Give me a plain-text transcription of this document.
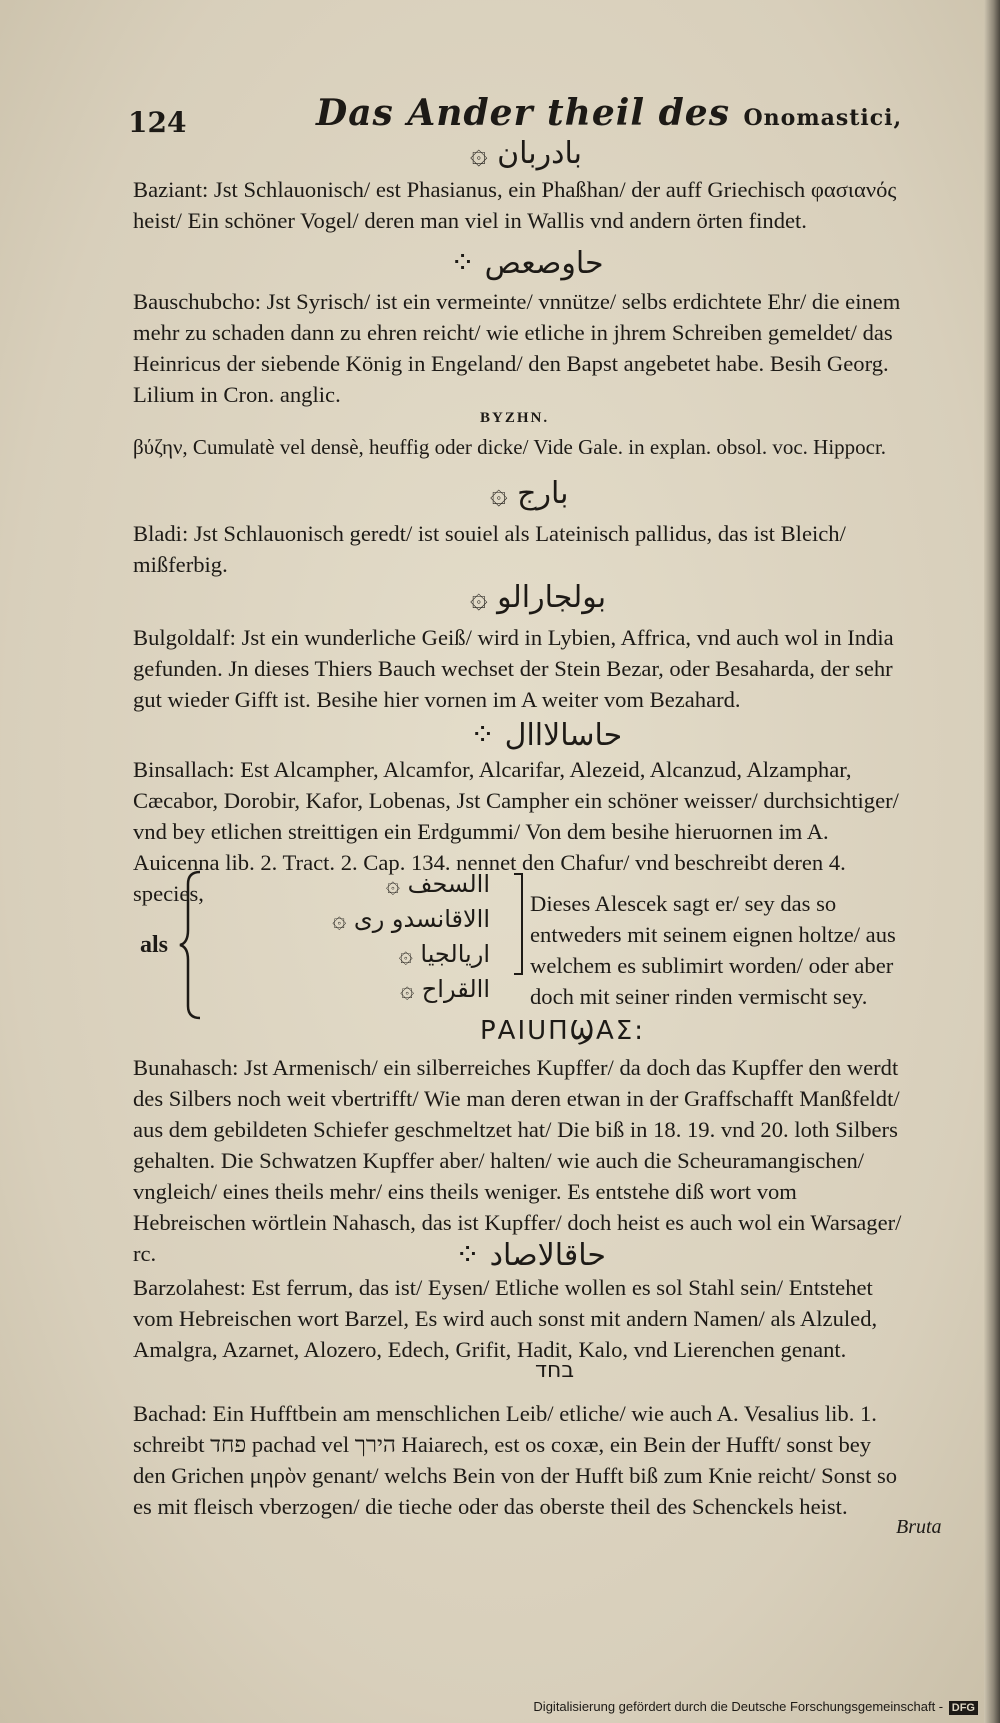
124	Das Ander theil des Onomastici,
بادربان ۞
Baziant: Jst Schlauonisch/ est Phasianus, ein Phaßhan/ der auff Griechisch φασιανός heist/ Ein schöner Vogel/ deren man viel in Wallis vnd andern örten findet.
حاوصعص ⁘
Bauschubcho: Jst Syrisch/ ist ein vermeinte/ vnnütze/ selbs erdichtete Ehr/ die einem mehr zu schaden dann zu ehren reicht/ wie etliche in jhrem Schreiben gemeldet/ das Heinricus der siebende König in Engeland/ den Bapst angebetet habe. Besih Georg. Lilium in Cron. anglic.
ΒΥΖΗΝ.
βύζην, Cumulatè vel densè, heuffig oder dicke/ Vide Gale. in explan. obsol. voc. Hippocr.
بارج ۞
Bladi: Jst Schlauonisch geredt/ ist souiel als Lateinisch pallidus, das ist Bleich/ mißferbig.
بولجارالو ۞
Bulgoldalf: Jst ein wunderliche Geiß/ wird in Lybien, Affrica, vnd auch wol in India gefunden. Jn dieses Thiers Bauch wechset der Stein Bezar, oder Besaharda, der sehr gut wieder Gifft ist. Besihe hier vornen im A weiter vom Bezahard.
حاسالااال ⁘
Binsallach: Est Alcampher, Alcamfor, Alcarifar, Alezeid, Alcanzud, Alzamphar, Cæcabor, Dorobir, Kafor, Lobenas, Jst Campher ein schöner weisser/ durchsichtiger/ vnd bey etlichen streittigen ein Erdgummi/ Von dem besihe hieruornen im A. Auicenna lib. 2. Tract. 2. Cap. 134. nennet den Chafur/ vnd beschreibt deren 4. species,
als
االسحف ۞
االاقانسدو ری ۞
اریالجیا ۞
االقراح ۞
Dieses Alescek sagt er/ sey das so entweders mit seinem eignen holtze/ aus welchem es sublimirt worden/ oder aber doch mit seiner rinden vermischt sey.
ΡΑΙՍΠϢΑΣ:
Bunahasch: Jst Armenisch/ ein silberreiches Kupffer/ da doch das Kupffer den werdt des Silbers noch weit vbertrifft/ Wie man deren etwan in der Graffschafft Manßfeldt/ aus dem gebildeten Schiefer geschmeltzet hat/ Die biß in 18. 19. vnd 20. loth Silbers gehalten. Die Schwatzen Kupffer aber/ halten/ wie auch die Scheuramangischen/ vngleich/ eines theils mehr/ eins theils weniger. Es entstehe diß wort vom Hebreischen wörtlein Nahasch, das ist Kupffer/ doch heist es auch wol ein Warsager/ rc.	حاقالاصاد ⁘
Barzolahest: Est ferrum, das ist/ Eysen/ Etliche wollen es sol Stahl sein/ Entstehet vom Hebreischen wort Barzel, Es wird auch sonst mit andern Namen/ als Alzuled, Amalgra, Azarnet, Alozero, Edech, Grifit, Hadit, Kalo, vnd Lierenchen genant.
בחד
Bachad: Ein Hufftbein am menschlichen Leib/ etliche/ wie auch A. Vesalius lib. 1. schreibt פחד pachad vel הירך Haiarech, est os coxæ, ein Bein der Hufft/ sonst bey den Grichen μηρὸν genant/ welchs Bein von der Hufft biß zum Knie reicht/ Sonst so es mit fleisch vberzogen/ die tieche oder das oberste theil des Schenckels heist.
Bruta
Digitalisierung gefördert durch die Deutsche Forschungsgemeinschaft - DFG
